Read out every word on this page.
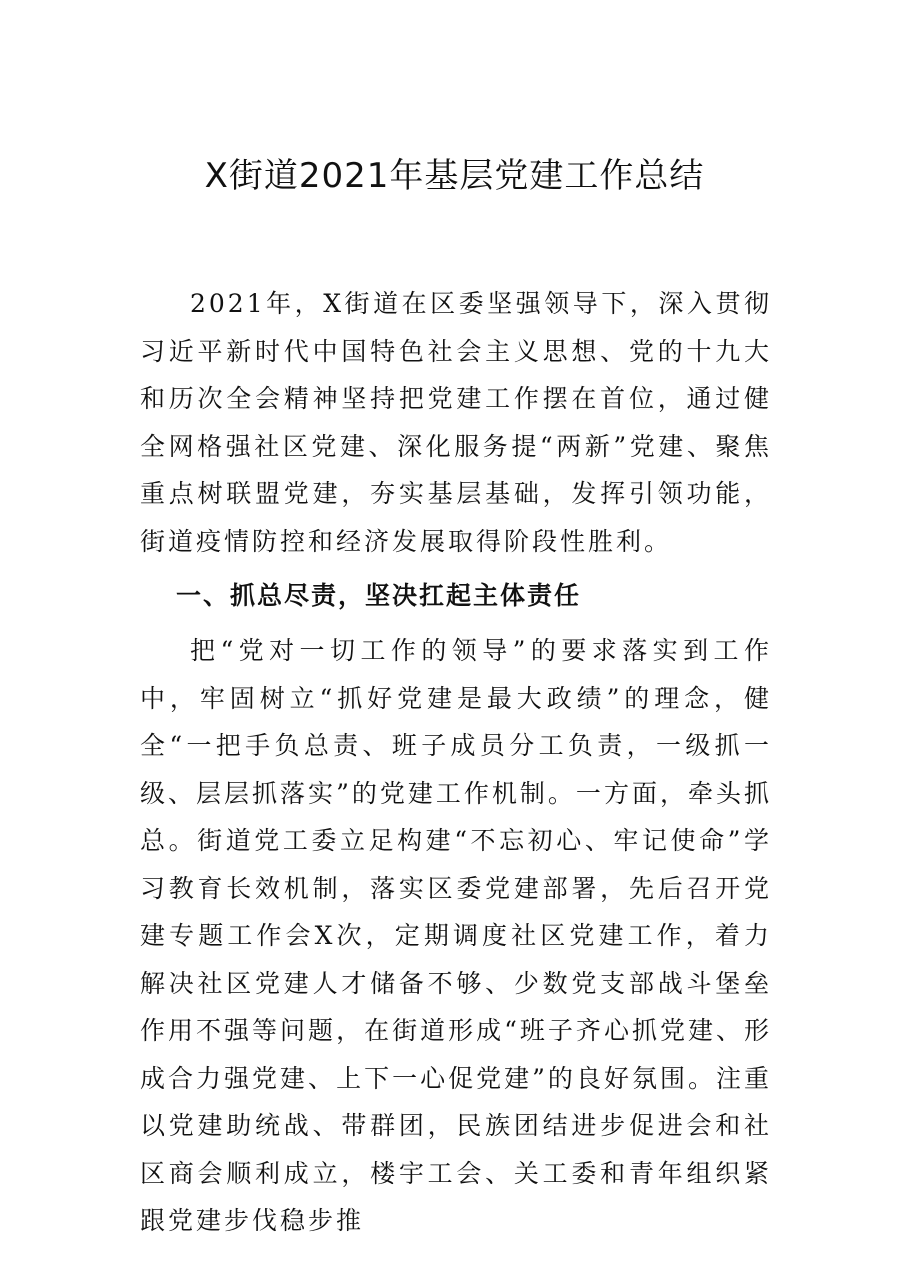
X街道2021年基层党建工作总结

2021年，X街道在区委坚强领导下，深入贯彻习近平新时代中国特色社会主义思想、党的十九大和历次全会精神坚持把党建工作摆在首位，通过健全网格强社区党建、深化服务提“两新”党建、聚焦重点树联盟党建，夯实基层基础，发挥引领功能，街道疫情防控和经济发展取得阶段性胜利。

一、抓总尽责，坚决扛起主体责任

把“党对一切工作的领导”的要求落实到工作中，牢固树立“抓好党建是最大政绩”的理念，健全“一把手负总责、班子成员分工负责，一级抓一级、层层抓落实”的党建工作机制。一方面，牵头抓总。街道党工委立足构建“不忘初心、牢记使命”学习教育长效机制，落实区委党建部署，先后召开党建专题工作会X次，定期调度社区党建工作，着力解决社区党建人才储备不够、少数党支部战斗堡垒作用不强等问题，在街道形成“班子齐心抓党建、形成合力强党建、上下一心促党建”的良好氛围。注重以党建助统战、带群团，民族团结进步促进会和社区商会顺利成立，楼宇工会、关工委和青年组织紧跟党建步伐稳步推
